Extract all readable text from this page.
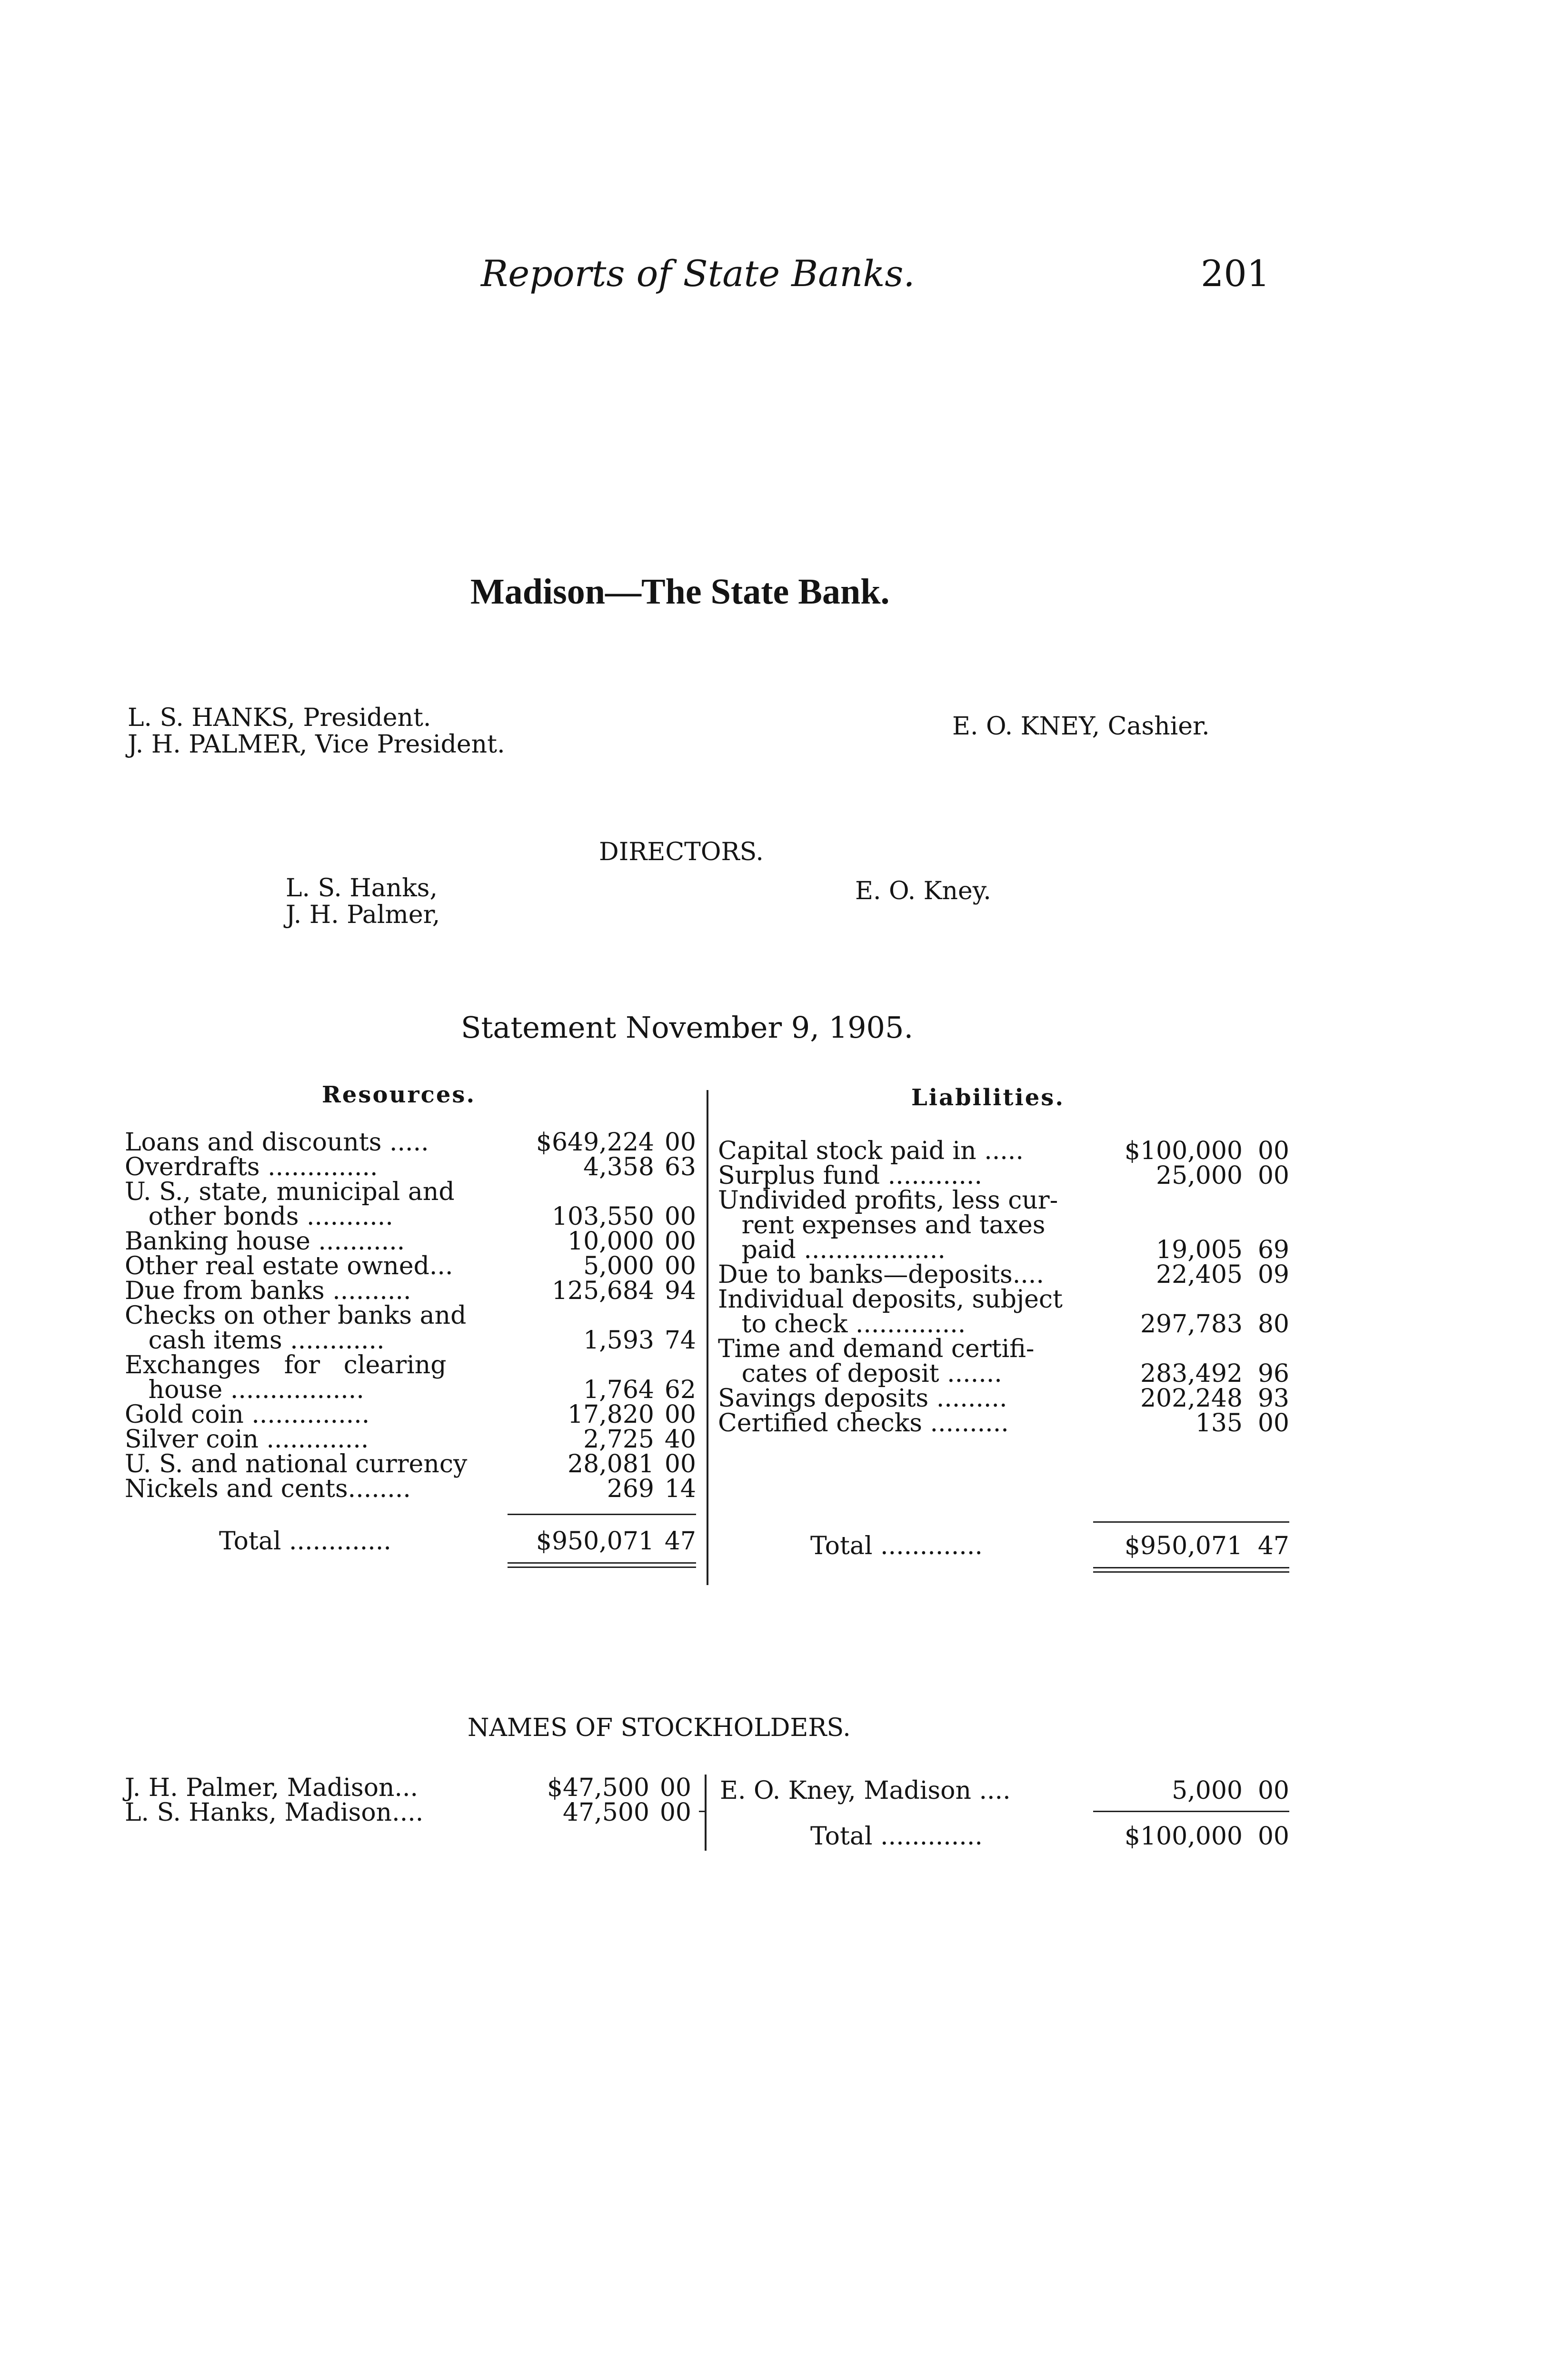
Reports of State Banks.	201
Madison—The State Bank.
L. S. HANKS, President.
J. H. PALMER, Vice President.
E. O. KNEY, Cashier.
DIRECTORS.
L. S. Hanks,
J. H. Palmer,
E. O. Kney.
Statement November 9, 1905.
Resources.	Liabilities.
Loans and discounts .....	$649,224 00
Overdrafts ..............	4,358 63
U. S., state, municipal and
other bonds ...........	103,550 00
Banking house ...........	10,000 00
Other real estate owned...	5,000 00
Due from banks ..........	125,684 94
Checks on other banks and
cash items ............	1,593 74
Exchanges   for   clearing
house .................	1,764 62
Gold coin ...............	17,820 00
Silver coin .............	2,725 40
U. S. and national currency	28,081 00
Nickels and cents........	269 14
Total .............	$950,071 47
Capital stock paid in .....	$100,000 00
Surplus fund ............	25,000 00
Undivided profits, less cur-
rent expenses and taxes
paid ..................	19,005 69
Due to banks—deposits....	22,405 09
Individual deposits, subject
to check ..............	297,783 80
Time and demand certifi-
cates of deposit .......	283,492 96
Savings deposits .........	202,248 93
Certified checks ..........	135 00
Total .............	$950,071 47
NAMES OF STOCKHOLDERS.
J. H. Palmer, Madison...	$47,500 00
L. S. Hanks, Madison....	47,500 00
E. O. Kney, Madison ....	5,000 00
Total .............	$100,000 00
